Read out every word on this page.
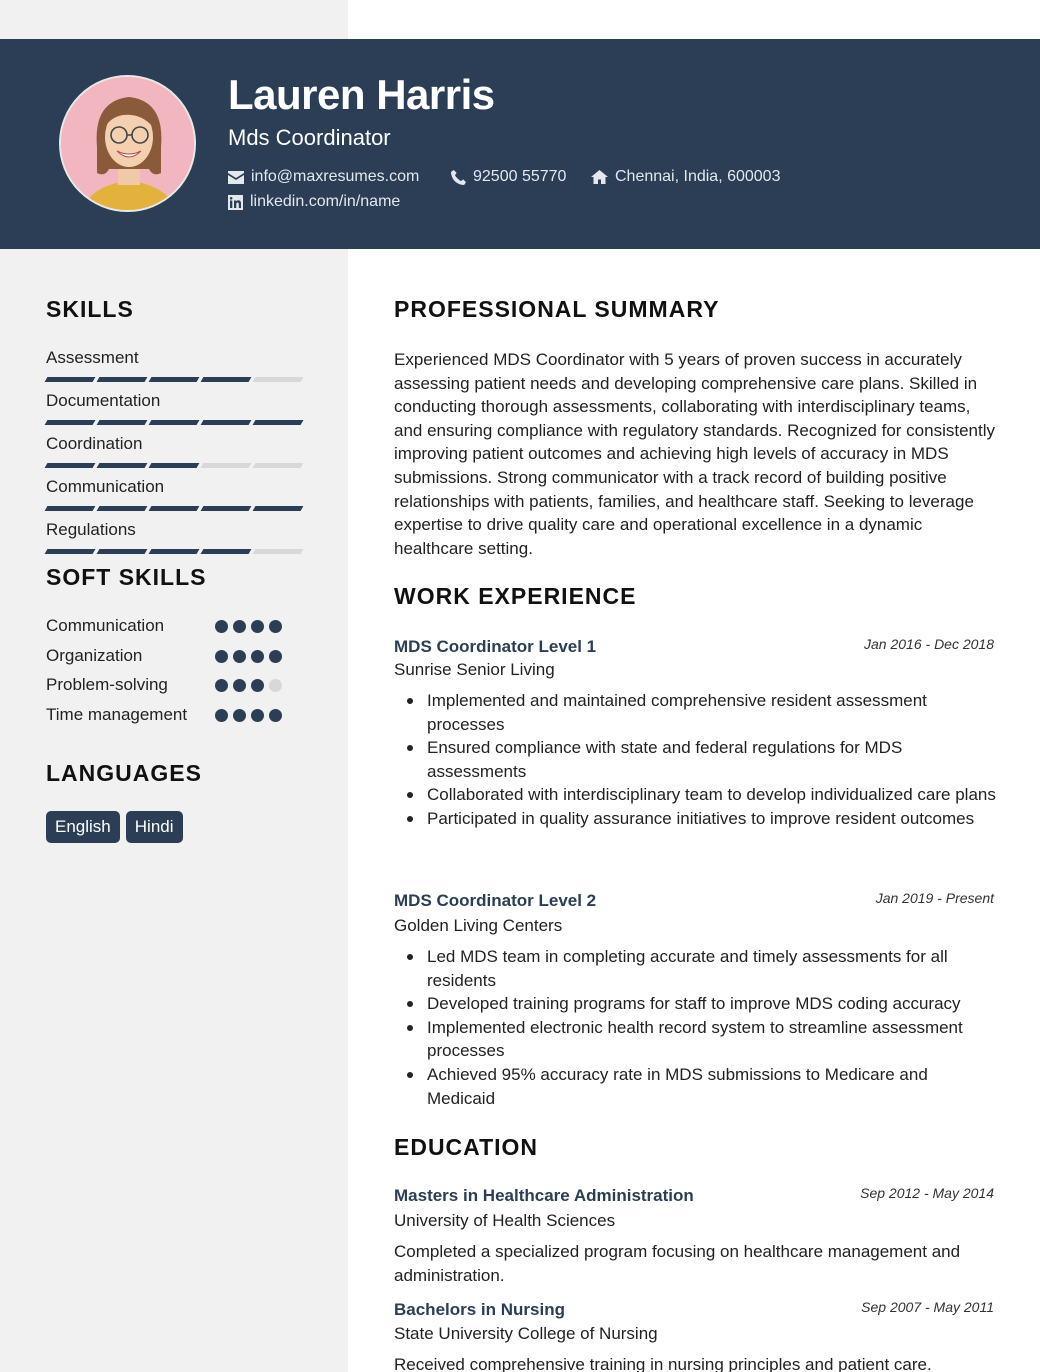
Lauren Harris
Mds Coordinator
info@maxresumes.com	92500 55770	Chennai, India, 600003
linkedin.com/in/name
SKILLS
Assessment
Documentation
Coordination
Communication
Regulations
SOFT SKILLS
Communication
Organization
Problem-solving
Time management
LANGUAGES
English	Hindi
PROFESSIONAL SUMMARY
Experienced MDS Coordinator with 5 years of proven success in accurately assessing patient needs and developing comprehensive care plans. Skilled in conducting thorough assessments, collaborating with interdisciplinary teams, and ensuring compliance with regulatory standards. Recognized for consistently improving patient outcomes and achieving high levels of accuracy in MDS submissions. Strong communicator with a track record of building positive relationships with patients, families, and healthcare staff. Seeking to leverage expertise to drive quality care and operational excellence in a dynamic healthcare setting.
WORK EXPERIENCE
MDS Coordinator Level 1	Jan 2016 - Dec 2018
Sunrise Senior Living
Implemented and maintained comprehensive resident assessment processes
Ensured compliance with state and federal regulations for MDS assessments
Collaborated with interdisciplinary team to develop individualized care plans
Participated in quality assurance initiatives to improve resident outcomes
MDS Coordinator Level 2	Jan 2019 - Present
Golden Living Centers
Led MDS team in completing accurate and timely assessments for all residents
Developed training programs for staff to improve MDS coding accuracy
Implemented electronic health record system to streamline assessment processes
Achieved 95% accuracy rate in MDS submissions to Medicare and Medicaid
EDUCATION
Masters in Healthcare Administration	Sep 2012 - May 2014
University of Health Sciences
Completed a specialized program focusing on healthcare management and administration.
Bachelors in Nursing	Sep 2007 - May 2011
State University College of Nursing
Received comprehensive training in nursing principles and patient care.
